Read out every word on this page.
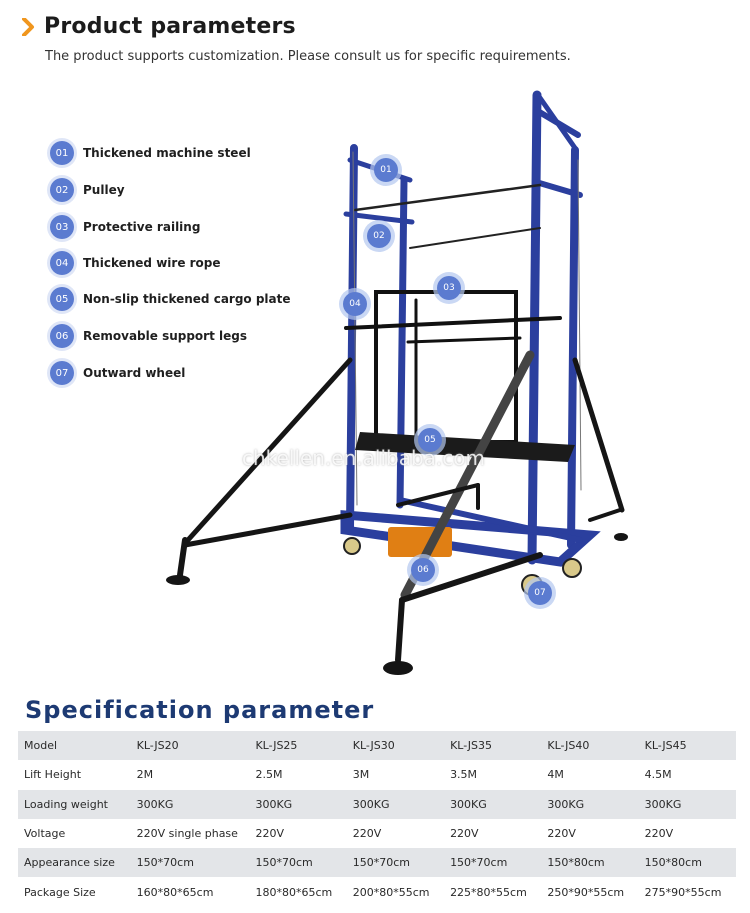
Product parameters
The product supports customization. Please consult us for specific requirements.
01	Thickened machine steel
02	Pulley
03	Protective railing
04	Thickened wire rope
05	Non-slip thickened cargo plate
06	Removable support legs
07	Outward wheel
01
02
03
04
05
06
07
chkellen.en.alibaba.com
Specification parameter
Model	KL-JS20	KL-JS25	KL-JS30	KL-JS35	KL-JS40	KL-JS45
Lift Height	2M	2.5M	3M	3.5M	4M	4.5M
Loading weight	300KG	300KG	300KG	300KG	300KG	300KG
Voltage	220V single phase	220V	220V	220V	220V	220V
Appearance size	150*70cm	150*70cm	150*70cm	150*70cm	150*80cm	150*80cm
Package Size	160*80*65cm	180*80*65cm	200*80*55cm	225*80*55cm	250*90*55cm	275*90*55cm
